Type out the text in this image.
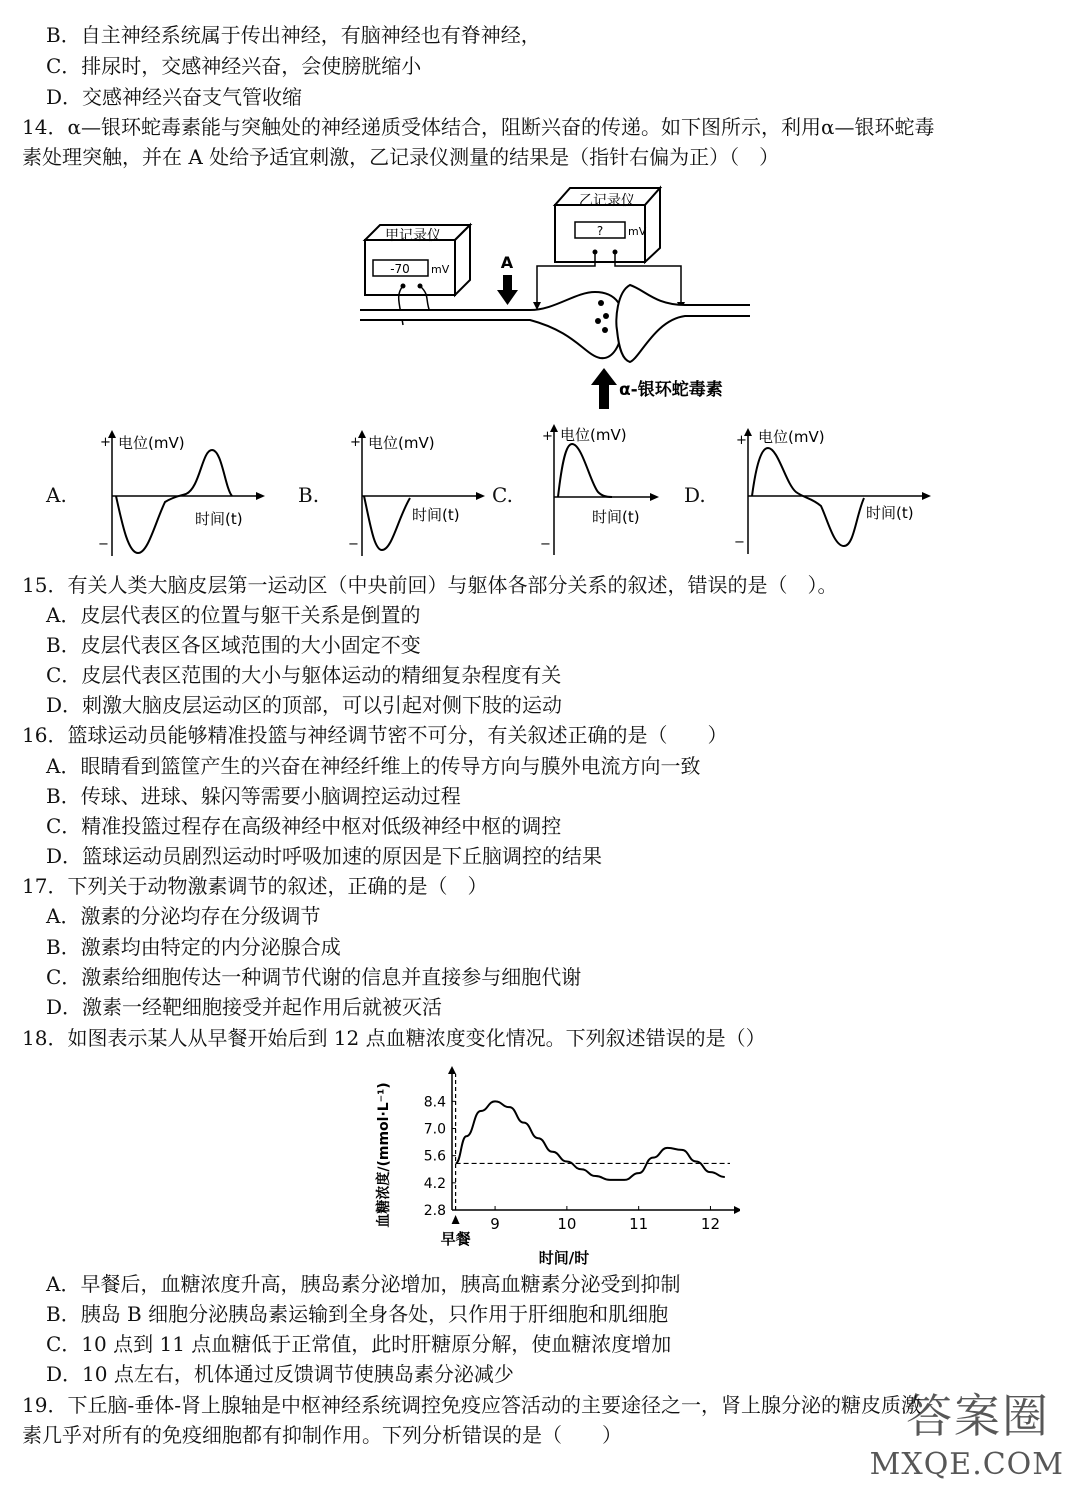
B．自主神经系统属于传出神经，有脑神经也有脊神经，
C．排尿时，交感神经兴奋，会使膀胱缩小
D．交感神经兴奋支气管收缩
14．α—银环蛇毒素能与突触处的神经递质受体结合，阻断兴奋的传递。如下图所示，利用α—银环蛇毒
素处理突触，并在 A 处给予适宜刺激，乙记录仪测量的结果是（指针右偏为正）（　）
甲记录仪
-70 mV
乙记录仪
? mV
A
α-银环蛇毒素
A.	B.	C.	D.
+
−
电位(mV)
时间(t)
+
−
电位(mV)
时间(t)
+
−
电位(mV)
时间(t)
+
−
电位(mV)
时间(t)
15．有关人类大脑皮层第一运动区（中央前回）与躯体各部分关系的叙述，错误的是（　）。
A．皮层代表区的位置与躯干关系是倒置的
B．皮层代表区各区域范围的大小固定不变
C．皮层代表区范围的大小与躯体运动的精细复杂程度有关
D．刺激大脑皮层运动区的顶部，可以引起对侧下肢的运动
16．篮球运动员能够精准投篮与神经调节密不可分，有关叙述正确的是（　　）
A．眼睛看到篮筐产生的兴奋在神经纤维上的传导方向与膜外电流方向一致
B．传球、进球、躲闪等需要小脑调控运动过程
C．精准投篮过程存在高级神经中枢对低级神经中枢的调控
D．篮球运动员剧烈运动时呼吸加速的原因是下丘脑调控的结果
17．下列关于动物激素调节的叙述，正确的是（　）
A．激素的分泌均存在分级调节
B．激素均由特定的内分泌腺合成
C．激素给细胞传达一种调节代谢的信息并直接参与细胞代谢
D．激素一经靶细胞接受并起作用后就被灭活
18．如图表示某人从早餐开始后到 12 点血糖浓度变化情况。下列叙述错误的是（）
2.8
4.2
5.6
7.0
8.4
9	10	11	12
早餐
时间/时
血糖浓度/(mmol·L⁻¹)
A．早餐后，血糖浓度升高，胰岛素分泌增加，胰高血糖素分泌受到抑制
B．胰岛 B 细胞分泌胰岛素运输到全身各处，只作用于肝细胞和肌细胞
C．10 点到 11 点血糖低于正常值，此时肝糖原分解，使血糖浓度增加
D．10 点左右，机体通过反馈调节使胰岛素分泌减少
19．下丘脑-垂体-肾上腺轴是中枢神经系统调控免疫应答活动的主要途径之一，肾上腺分泌的糖皮质激
素几乎对所有的免疫细胞都有抑制作用。下列分析错误的是（　　）	答案圈
MXQE.COM
